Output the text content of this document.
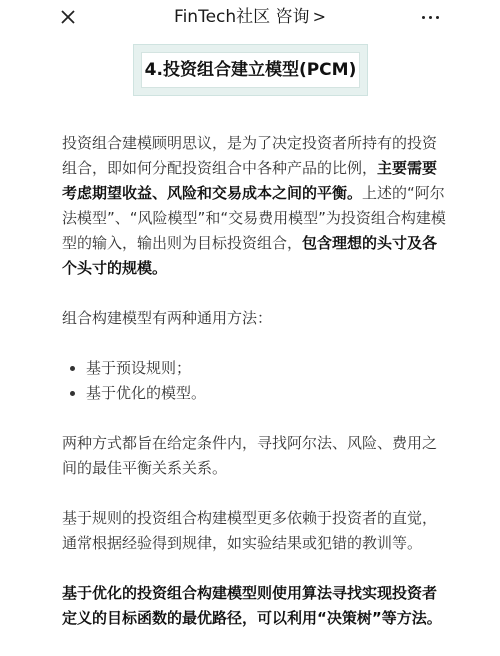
FinTech社区 咨询 >
4.投资组合建立模型(PCM)

投资组合建模顾明思议，是为了决定投资者所持有的投资组合，即如何分配投资组合中各种产品的比例，主要需要考虑期望收益、风险和交易成本之间的平衡。上述的“阿尔法模型”、“风险模型”和“交易费用模型”为投资组合构建模型的输入，输出则为目标投资组合，包含理想的头寸及各个头寸的规模。

组合构建模型有两种通用方法：

• 基于预设规则；
• 基于优化的模型。

两种方式都旨在给定条件内，寻找阿尔法、风险、费用之间的最佳平衡关系关系。

基于规则的投资组合构建模型更多依赖于投资者的直觉，通常根据经验得到规律，如实验结果或犯错的教训等。

基于优化的投资组合构建模型则使用算法寻找实现投资者定义的目标函数的最优路径，可以利用“决策树”等方法。
